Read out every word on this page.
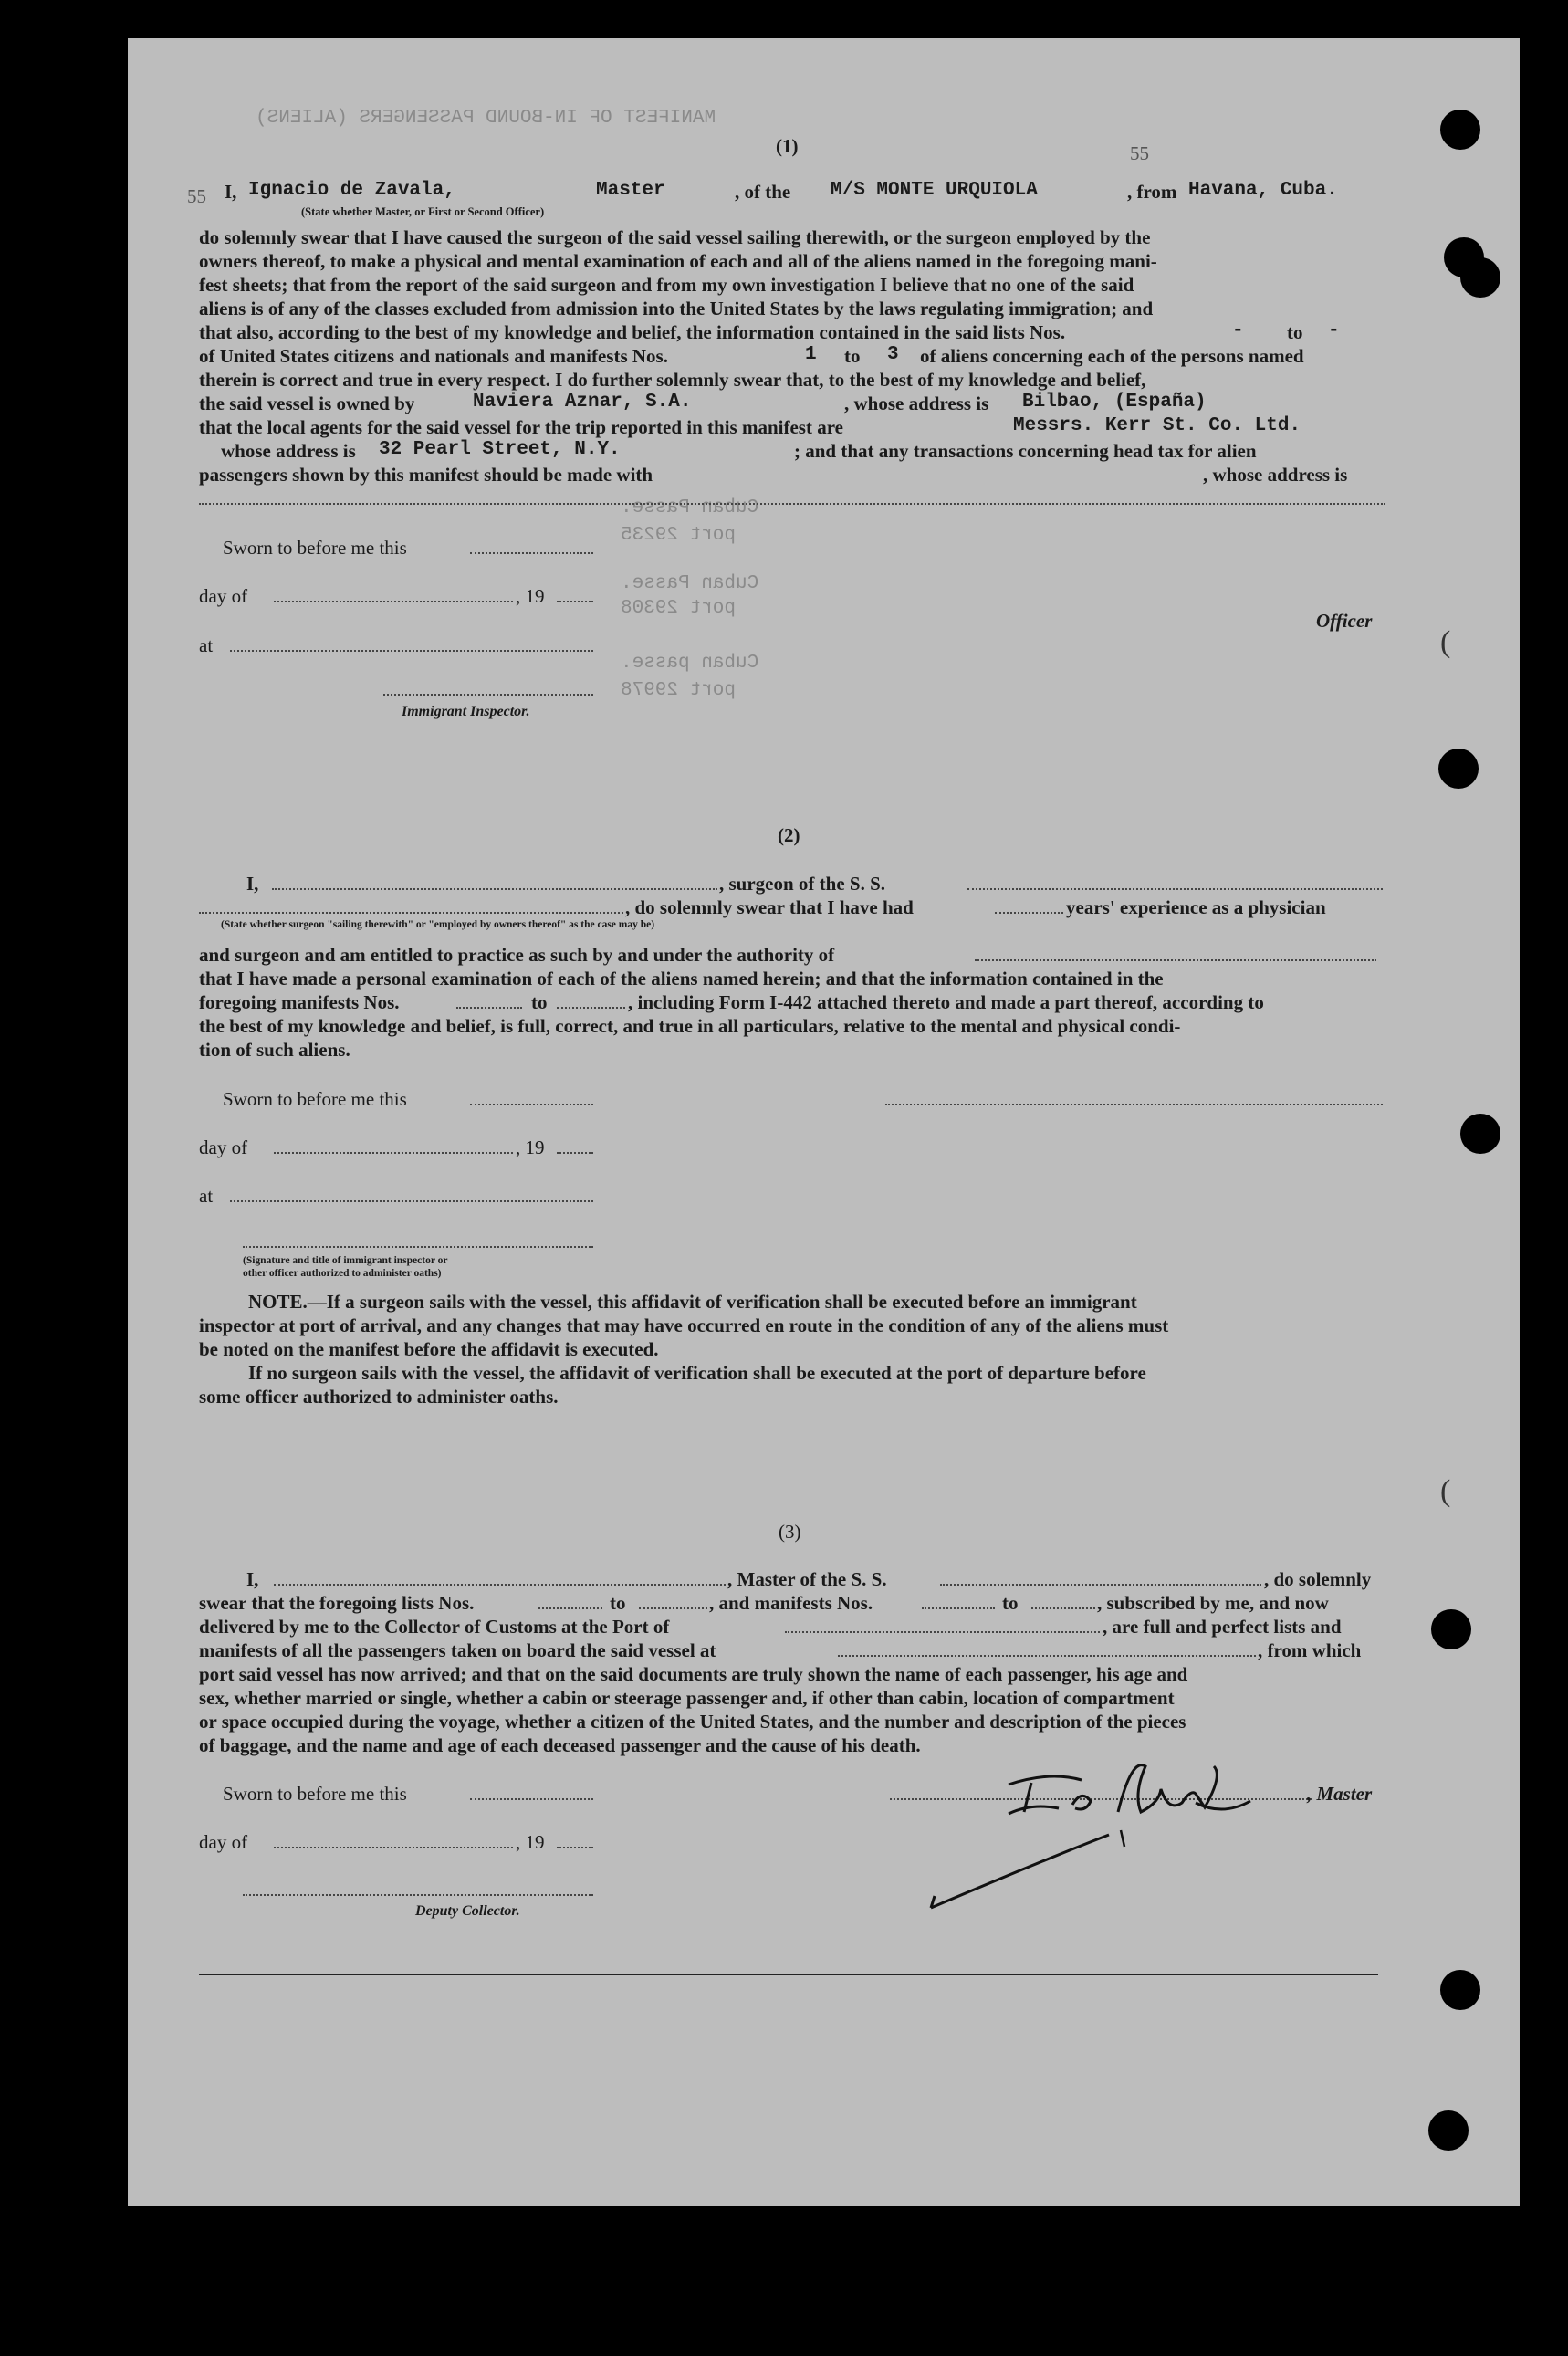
MANIFEST OF IN-BOUND PASSENGERS (ALIENS)
Cuban Passe.
port 29235
Cuban Passe.
port 29308
Cuban passe.
port 29978
55
55
(1)
I, Ignacio de Zavala,	Master	, of the M/S MONTE URQUIOLA	, from Havana, Cuba.
(State whether Master, or First or Second Officer)
do solemnly swear that I have caused the surgeon of the said vessel sailing therewith, or the surgeon employed by the
owners thereof, to make a physical and mental examination of each and all of the aliens named in the foregoing mani-
fest sheets; that from the report of the said surgeon and from my own investigation I believe that no one of the said
aliens is of any of the classes excluded from admission into the United States by the laws regulating immigration; and
that also, according to the best of my knowledge and belief, the information contained in the said lists Nos.	- to -
of United States citizens and nationals and manifests Nos.	1 to 3 of aliens concerning each of the persons named
therein is correct and true in every respect. I do further solemnly swear that, to the best of my knowledge and belief,
the said vessel is owned by	Naviera Aznar, S.A.	, whose address is Bilbao, (España)
that the local agents for the said vessel for the trip reported in this manifest are	Messrs. Kerr St. Co. Ltd.
whose address is 32 Pearl Street, N.Y.	; and that any transactions concerning head tax for alien
passengers shown by this manifest should be made with	, whose address is
Sworn to before me this
day of	, 19
Officer
at
Immigrant Inspector.
(2)
I,	, surgeon of the S. S.
, do solemnly swear that I have had	years' experience as a physician
(State whether surgeon "sailing therewith" or "employed by owners thereof" as the case may be)
and surgeon and am entitled to practice as such by and under the authority of
that I have made a personal examination of each of the aliens named herein; and that the information contained in the
foregoing manifests Nos.	to	, including Form I-442 attached thereto and made a part thereof, according to
the best of my knowledge and belief, is full, correct, and true in all particulars, relative to the mental and physical condi-
tion of such aliens.
Sworn to before me this
day of	, 19
at
(Signature and title of immigrant inspector or
other officer authorized to administer oaths)
NOTE.—If a surgeon sails with the vessel, this affidavit of verification shall be executed before an immigrant
inspector at port of arrival, and any changes that may have occurred en route in the condition of any of the aliens must
be noted on the manifest before the affidavit is executed.
If no surgeon sails with the vessel, the affidavit of verification shall be executed at the port of departure before
some officer authorized to administer oaths.
(3)
I,	, Master of the S. S.	, do solemnly
swear that the foregoing lists Nos.	to	, and manifests Nos.	to	, subscribed by me, and now
delivered by me to the Collector of Customs at the Port of	, are full and perfect lists and
manifests of all the passengers taken on board the said vessel at	, from which
port said vessel has now arrived; and that on the said documents are truly shown the name of each passenger, his age and
sex, whether married or single, whether a cabin or steerage passenger and, if other than cabin, location of compartment
or space occupied during the voyage, whether a citizen of the United States, and the number and description of the pieces
of baggage, and the name and age of each deceased passenger and the cause of his death.
Sworn to before me this	, Master
day of	, 19
Deputy Collector.
(
(
